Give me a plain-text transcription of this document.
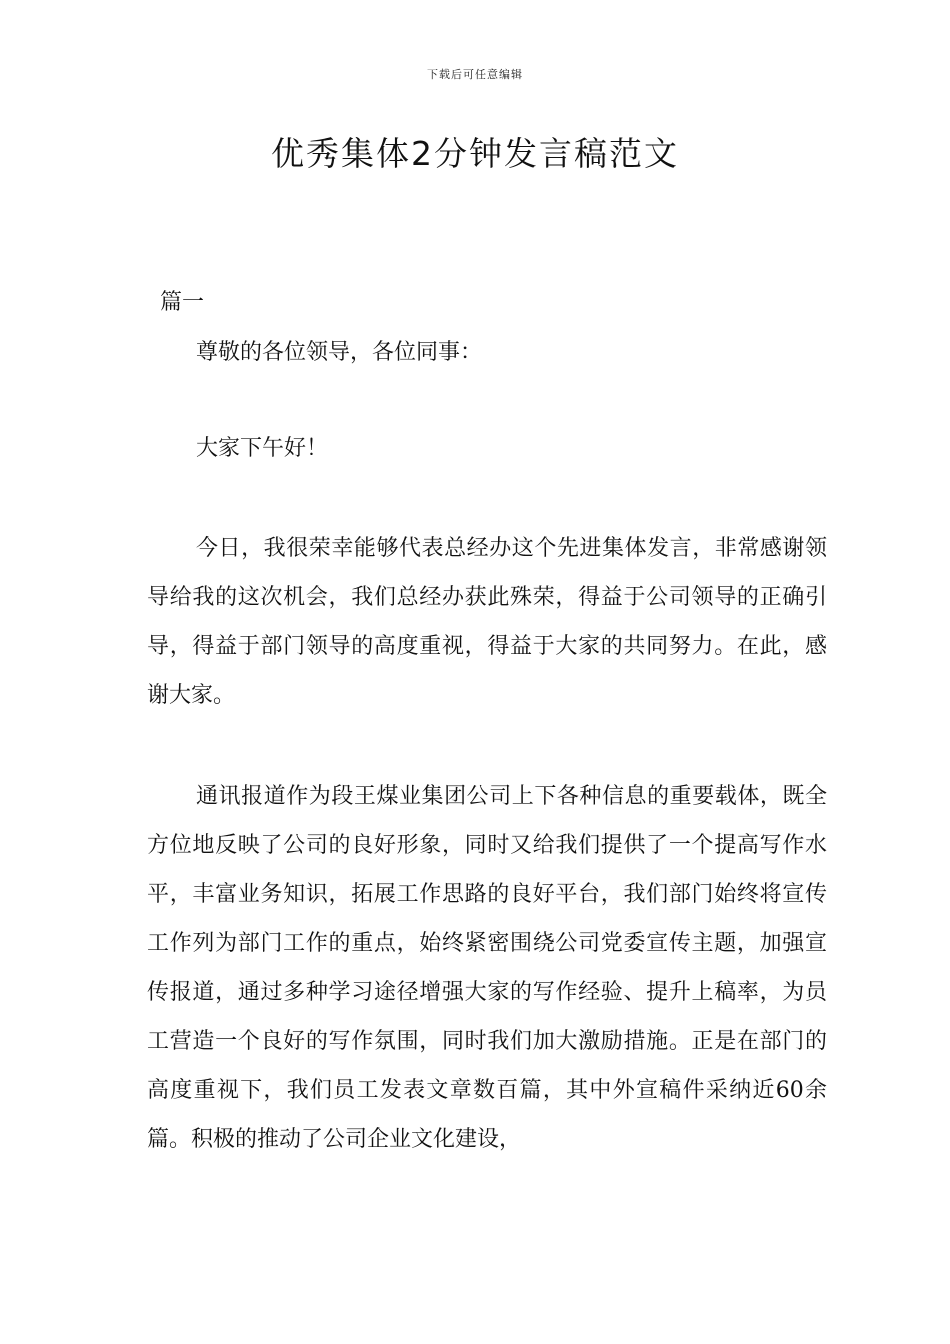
下载后可任意编辑
优秀集体2分钟发言稿范文

篇一

尊敬的各位领导，各位同事：

大家下午好！

今日，我很荣幸能够代表总经办这个先进集体发言，非常感谢领导给我的这次机会，我们总经办获此殊荣，得益于公司领导的正确引导，得益于部门领导的高度重视，得益于大家的共同努力。在此，感谢大家。

通讯报道作为段王煤业集团公司上下各种信息的重要载体，既全方位地反映了公司的良好形象，同时又给我们提供了一个提高写作水平，丰富业务知识，拓展工作思路的良好平台，我们部门始终将宣传工作列为部门工作的重点，始终紧密围绕公司党委宣传主题，加强宣传报道，通过多种学习途径增强大家的写作经验、提升上稿率，为员工营造一个良好的写作氛围，同时我们加大激励措施。正是在部门的高度重视下，我们员工发表文章数百篇，其中外宣稿件采纳近60余篇。积极的推动了公司企业文化建设，
